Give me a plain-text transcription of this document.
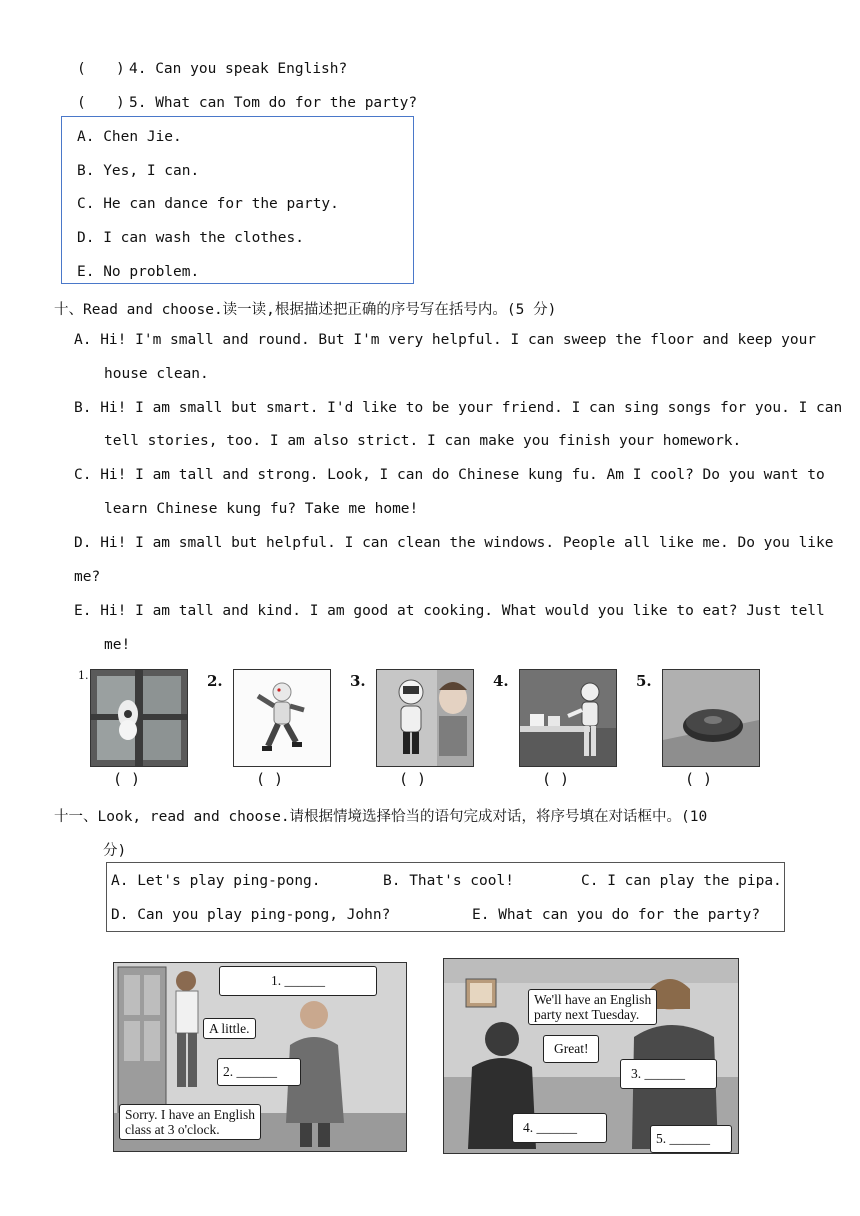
( ) 4. Can you speak English?
( ) 5. What can Tom do for the party?
A. Chen Jie.
B. Yes, I can.
C. He can dance for the party.
D. I can wash the clothes.
E. No problem.
十、Read and choose.读一读,根据描述把正确的序号写在括号内。(5 分)
A. Hi! I'm small and round. But I'm very helpful. I can sweep the floor and keep your
house clean.
B. Hi! I am small but smart. I'd like to be your friend. I can sing songs for you. I can
tell stories, too. I am also strict. I can make you finish your homework.
C. Hi! I am tall and strong. Look, I can do Chinese kung fu. Am I cool? Do you want to
learn Chinese kung fu? Take me home!
D. Hi! I am small but helpful. I can clean the windows. People all like me. Do you like
me?
E. Hi! I am tall and kind. I am good at cooking. What would you like to eat? Just tell
me!
1.
( )
2.
( )
3.
( )
4.
( )
5.
( )
十一、Look, read and choose.请根据情境选择恰当的语句完成对话，将序号填在对话框中。(10
分)
A. Let's play ping-pong.	B. That's cool!	C. I can play the pipa.
D. Can you play ping-pong, John?	E. What can you do for the party?
1. ______
A little.
2. ______
Sorry. I have an English
class at 3 o'clock.
We'll have an English
party next Tuesday.
Great!
3. ______
4. ______
5. ______
